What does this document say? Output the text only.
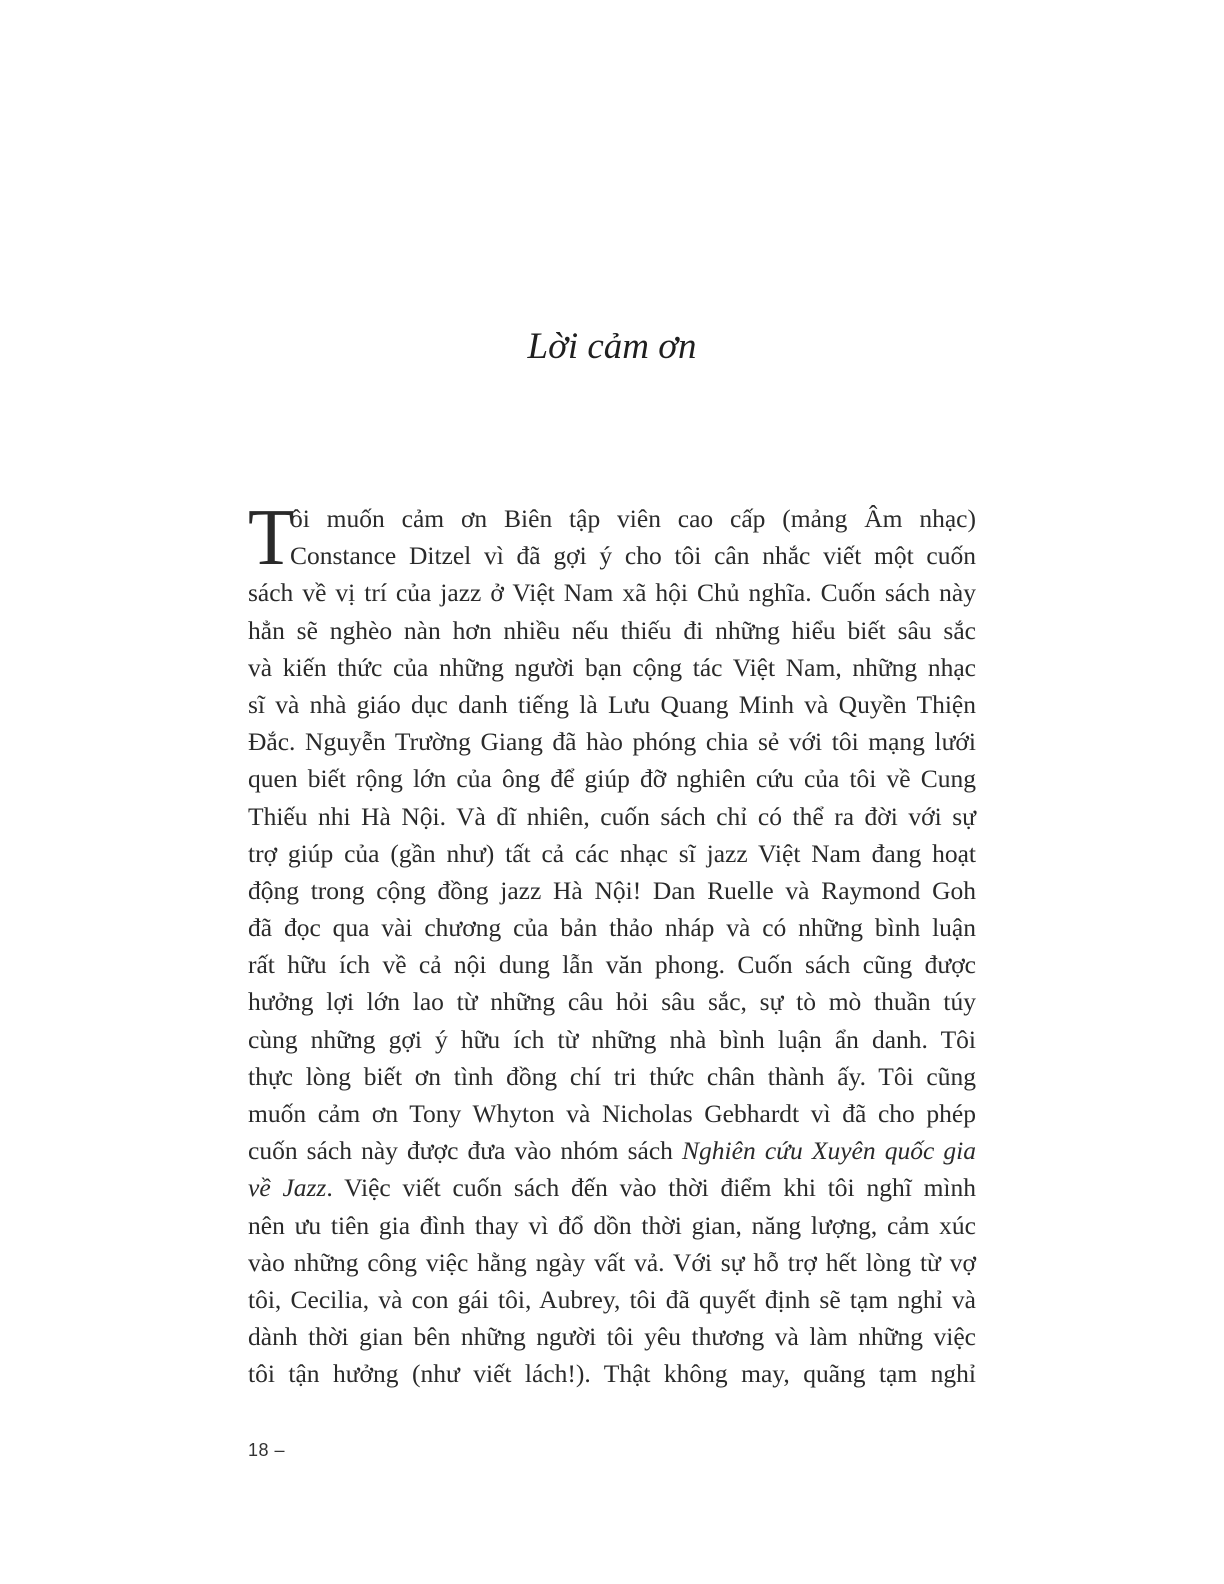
Lời cảm ơn
T
ôi muốn cảm ơn Biên tập viên cao cấp (mảng Âm nhạc)
Constance Ditzel vì đã gợi ý cho tôi cân nhắc viết một cuốn
sách về vị trí của jazz ở Việt Nam xã hội Chủ nghĩa. Cuốn sách này
hẳn sẽ nghèo nàn hơn nhiều nếu thiếu đi những hiểu biết sâu sắc
và kiến thức của những người bạn cộng tác Việt Nam, những nhạc
sĩ và nhà giáo dục danh tiếng là Lưu Quang Minh và Quyền Thiện
Đắc. Nguyễn Trường Giang đã hào phóng chia sẻ với tôi mạng lưới
quen biết rộng lớn của ông để giúp đỡ nghiên cứu của tôi về Cung
Thiếu nhi Hà Nội. Và dĩ nhiên, cuốn sách chỉ có thể ra đời với sự
trợ giúp của (gần như) tất cả các nhạc sĩ jazz Việt Nam đang hoạt
động trong cộng đồng jazz Hà Nội! Dan Ruelle và Raymond Goh
đã đọc qua vài chương của bản thảo nháp và có những bình luận
rất hữu ích về cả nội dung lẫn văn phong. Cuốn sách cũng được
hưởng lợi lớn lao từ những câu hỏi sâu sắc, sự tò mò thuần túy
cùng những gợi ý hữu ích từ những nhà bình luận ẩn danh. Tôi
thực lòng biết ơn tình đồng chí tri thức chân thành ấy. Tôi cũng
muốn cảm ơn Tony Whyton và Nicholas Gebhardt vì đã cho phép
cuốn sách này được đưa vào nhóm sách Nghiên cứu Xuyên quốc gia
về Jazz. Việc viết cuốn sách đến vào thời điểm khi tôi nghĩ mình
nên ưu tiên gia đình thay vì đổ dồn thời gian, năng lượng, cảm xúc
vào những công việc hằng ngày vất vả. Với sự hỗ trợ hết lòng từ vợ
tôi, Cecilia, và con gái tôi, Aubrey, tôi đã quyết định sẽ tạm nghỉ và
dành thời gian bên những người tôi yêu thương và làm những việc
tôi tận hưởng (như viết lách!). Thật không may, quãng tạm nghỉ
18 –
